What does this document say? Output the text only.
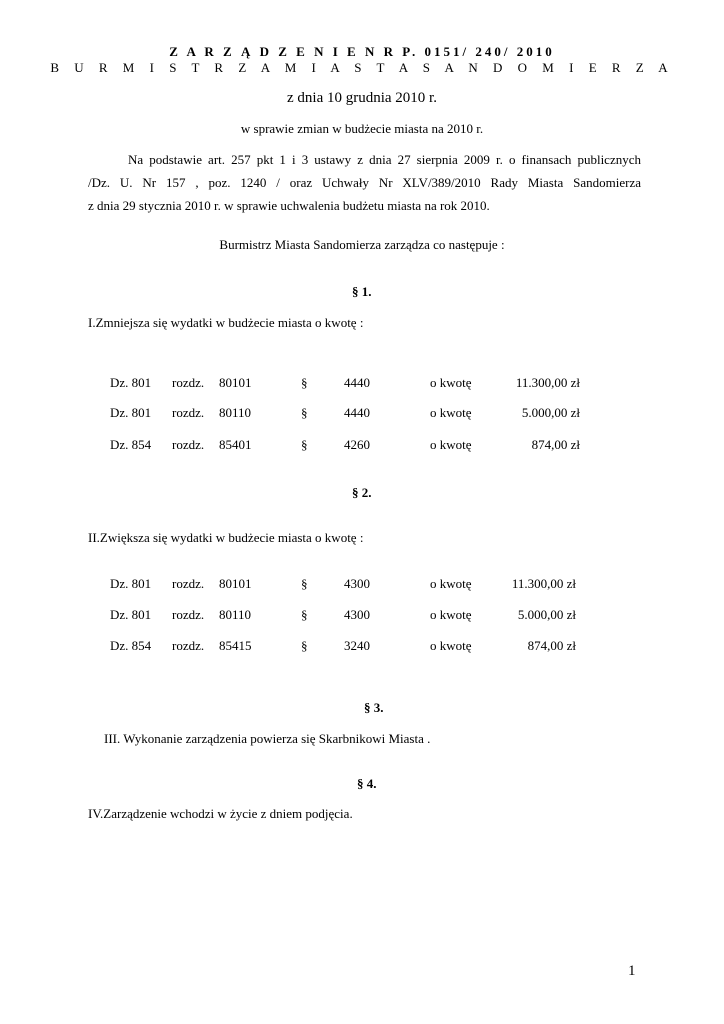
Z A R Z Ą D Z E N I E N R P. 0151/ 240/ 2010
B U R M I S T R Z A M I A S T A S A N D O M I E R Z A
z dnia 10 grudnia 2010 r.
w sprawie zmian w budżecie miasta na 2010 r.
Na podstawie art. 257 pkt 1 i 3 ustawy z dnia 27 sierpnia 2009 r. o finansach publicznych
/Dz. U. Nr 157 , poz. 1240 / oraz Uchwały Nr XLV/389/2010 Rady Miasta Sandomierza
z dnia 29 stycznia 2010 r. w sprawie uchwalenia budżetu miasta na rok 2010.
Burmistrz Miasta Sandomierza zarządza co następuje :
§ 1.
I.Zmniejsza się wydatki w budżecie miasta o kwotę :
Dz. 801 rozdz. 80101	§	4440	o kwotę	11.300,00 zł
Dz. 801 rozdz. 80110	§	4440	o kwotę	5.000,00 zł
Dz. 854 rozdz. 85401	§	4260	o kwotę	874,00 zł
§ 2.
II.Zwiększa się wydatki w budżecie miasta o kwotę :
Dz. 801 rozdz. 80101	§	4300	o kwotę	11.300,00 zł
Dz. 801 rozdz. 80110	§	4300	o kwotę	5.000,00 zł
Dz. 854 rozdz. 85415	§	3240	o kwotę	874,00 zł
§ 3.
III. Wykonanie zarządzenia powierza się Skarbnikowi Miasta .
§ 4.
IV.Zarządzenie wchodzi w życie z dniem podjęcia.
1
